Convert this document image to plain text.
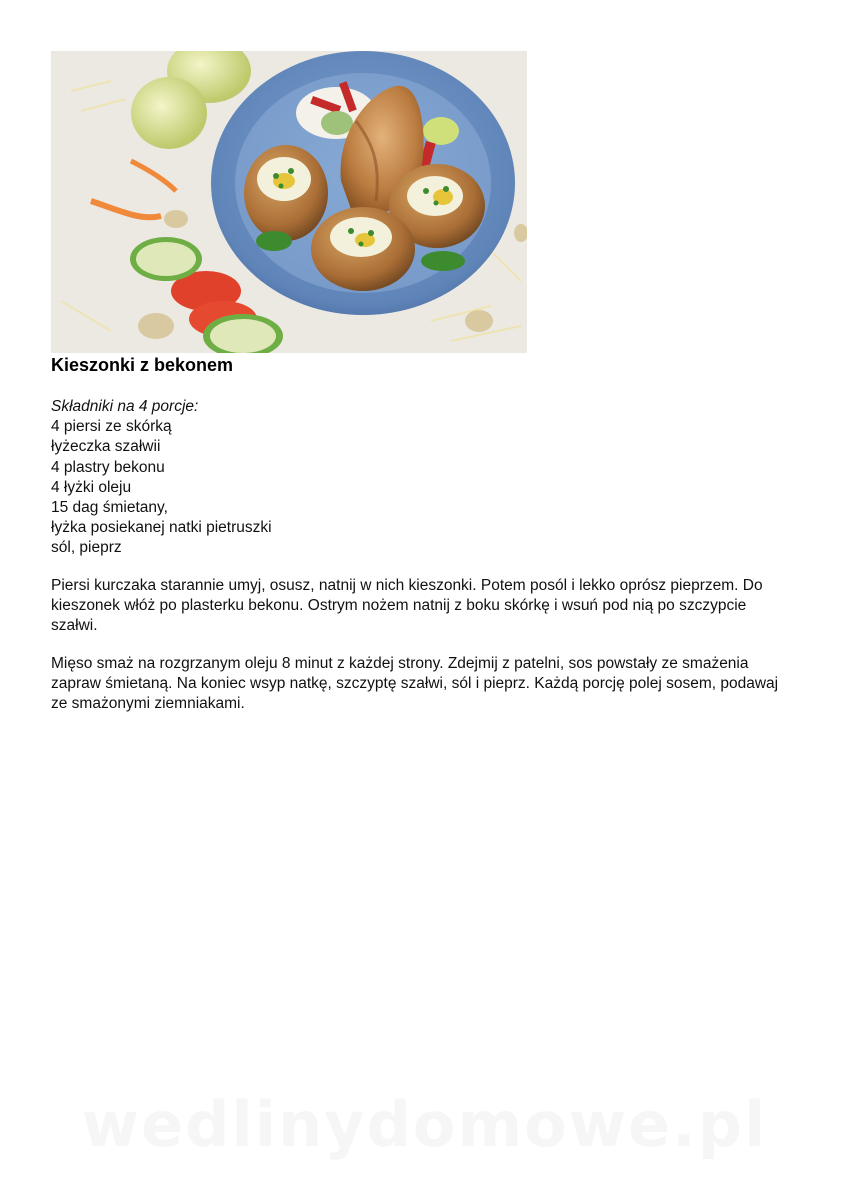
Kieszonki z bekonem
Składniki na 4 porcje:
4 piersi ze skórką
łyżeczka szałwii
4 plastry bekonu
4 łyżki oleju
15 dag śmietany,
łyżka posiekanej natki pietruszki
sól, pieprz

Piersi kurczaka starannie umyj, osusz, natnij w nich kieszonki. Potem posól i lekko oprósz pieprzem. Do kieszonek włóż po plasterku bekonu. Ostrym nożem natnij z boku skórkę i wsuń pod nią po szczypcie szałwi.

Mięso smaż na rozgrzanym oleju 8 minut z każdej strony. Zdejmij z patelni, sos powstały ze smażenia zapraw śmietaną. Na koniec wsyp natkę, szczyptę szałwi, sól i pieprz. Każdą porcję polej sosem, podawaj ze smażonymi ziemniakami.

wedlinydomowe.pl
